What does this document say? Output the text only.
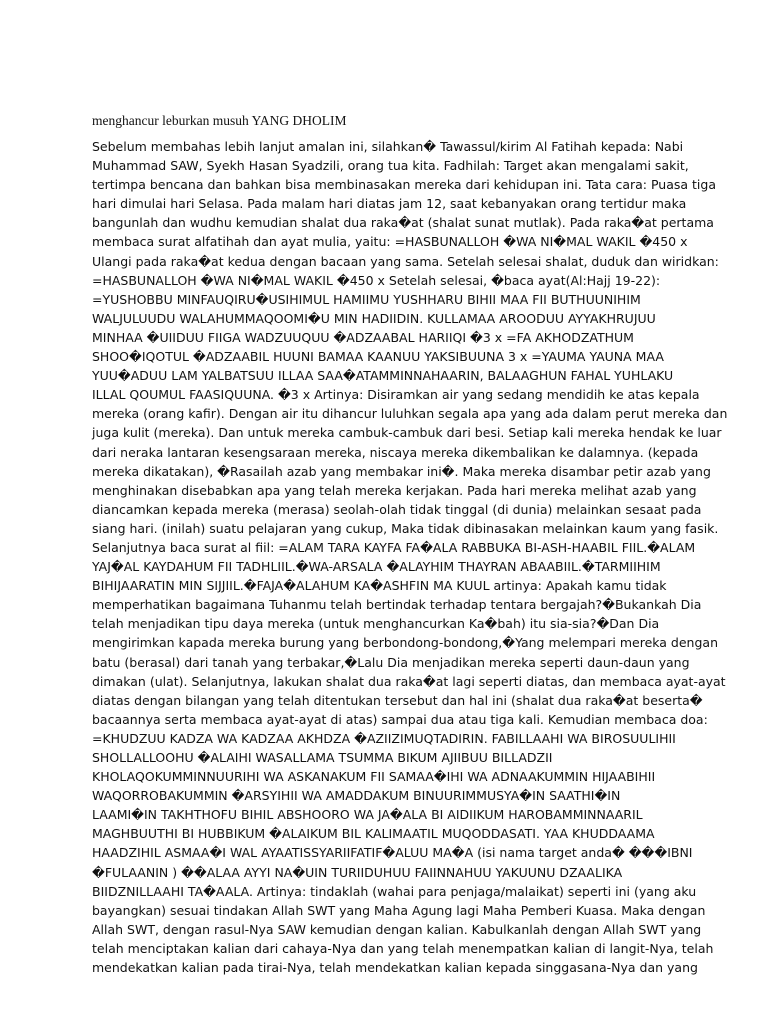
menghancur leburkan musuh YANG DHOLIM
Sebelum membahas lebih lanjut amalan ini, silahkan� Tawassul/kirim Al Fatihah kepada: Nabi
Muhammad SAW, Syekh Hasan Syadzili, orang tua kita. Fadhilah: Target akan mengalami sakit,
tertimpa bencana dan bahkan bisa membinasakan mereka dari kehidupan ini. Tata cara: Puasa tiga
hari dimulai hari Selasa. Pada malam hari diatas jam 12, saat kebanyakan orang tertidur maka
bangunlah dan wudhu kemudian shalat dua raka�at (shalat sunat mutlak). Pada raka�at pertama
membaca surat alfatihah dan ayat mulia, yaitu: =HASBUNALLOH �WA NI�MAL WAKIL �450 x
Ulangi pada raka�at kedua dengan bacaan yang sama. Setelah selesai shalat, duduk dan wiridkan:
=HASBUNALLOH �WA NI�MAL WAKIL �450 x Setelah selesai, �baca ayat(Al:Hajj 19-22):
=YUSHOBBU MINFAUQIRU�USIHIMUL HAMIIMU YUSHHARU BIHII MAA FII BUTHUUNIHIM
WALJULUUDU WALAHUMMAQOOMI�U MIN HADIIDIN. KULLAMAA AROODUU AYYAKHRUJUU
MINHAA �UIIDUU FIIGA WADZUUQUU �ADZAABAL HARIIQI �3 x =FA AKHODZATHUM
SHOO�IQOTUL �ADZAABIL HUUNI BAMAA KAANUU YAKSIBUUNA 3 x =YAUMA YAUNA MAA
YUU�ADUU LAM YALBATSUU ILLAA SAA�ATAMMINNAHAARIN, BALAAGHUN FAHAL YUHLAKU
ILLAL QOUMUL FAASIQUUNA. �3 x Artinya: Disiramkan air yang sedang mendidih ke atas kepala
mereka (orang kafir). Dengan air itu dihancur luluhkan segala apa yang ada dalam perut mereka dan
juga kulit (mereka). Dan untuk mereka cambuk-cambuk dari besi. Setiap kali mereka hendak ke luar
dari neraka lantaran kesengsaraan mereka, niscaya mereka dikembalikan ke dalamnya. (kepada
mereka dikatakan), �Rasailah azab yang membakar ini�. Maka mereka disambar petir azab yang
menghinakan disebabkan apa yang telah mereka kerjakan. Pada hari mereka melihat azab yang
diancamkan kepada mereka (merasa) seolah-olah tidak tinggal (di dunia) melainkan sesaat pada
siang hari. (inilah) suatu pelajaran yang cukup, Maka tidak dibinasakan melainkan kaum yang fasik.
Selanjutnya baca surat al fiil: =ALAM TARA KAYFA FA�ALA RABBUKA BI-ASH-HAABIL FIIL.�ALAM
YAJ�AL KAYDAHUM FII TADHLIIL.�WA-ARSALA �ALAYHIM THAYRAN ABAABIIL.�TARMIIHIM
BIHIJAARATIN MIN SIJJIIL.�FAJA�ALAHUM KA�ASHFIN MA KUUL artinya: Apakah kamu tidak
memperhatikan bagaimana Tuhanmu telah bertindak terhadap tentara bergajah?�Bukankah Dia
telah menjadikan tipu daya mereka (untuk menghancurkan Ka�bah) itu sia-sia?�Dan Dia
mengirimkan kapada mereka burung yang berbondong-bondong,�Yang melempari mereka dengan
batu (berasal) dari tanah yang terbakar,�Lalu Dia menjadikan mereka seperti daun-daun yang
dimakan (ulat). Selanjutnya, lakukan shalat dua raka�at lagi seperti diatas, dan membaca ayat-ayat
diatas dengan bilangan yang telah ditentukan tersebut dan hal ini (shalat dua raka�at beserta�
bacaannya serta membaca ayat-ayat di atas) sampai dua atau tiga kali. Kemudian membaca doa:
=KHUDZUU KADZA WA KADZAA AKHDZA �AZIIZIMUQTADIRIN. FABILLAAHI WA BIROSUULIHII
SHOLLALLOOHU �ALAIHI WASALLAMA TSUMMA BIKUM AJIIBUU BILLADZII
KHOLAQOKUMMINNUURIHI WA ASKANAKUM FII SAMAA�IHI WA ADNAAKUMMIN HIJAABIHII
WAQORROBAKUMMIN �ARSYIHII WA AMADDAKUM BINUURIMMUSYA�IN SAATHI�IN
LAAMI�IN TAKHTHOFU BIHIL ABSHOORO WA JA�ALA BI AIDIIKUM HAROBAMMINNAARIL
MAGHBUUTHI BI HUBBIKUM �ALAIKUM BIL KALIMAATIL MUQODDASATI. YAA KHUDDAAMA
HAADZIHIL ASMAA�I WAL AYAATISSYARIIFATIF�ALUU MA�A (isi nama target anda� ���IBNI
�FULAANIN ) ��ALAA AYYI NA�UIN TURIIDUHUU FAIINNAHUU YAKUUNU DZAALIKA
BIIDZNILLAAHI TA�AALA. Artinya: tindaklah (wahai para penjaga/malaikat) seperti ini (yang aku
bayangkan) sesuai tindakan Allah SWT yang Maha Agung lagi Maha Pemberi Kuasa. Maka dengan
Allah SWT, dengan rasul-Nya SAW kemudian dengan kalian. Kabulkanlah dengan Allah SWT yang
telah menciptakan kalian dari cahaya-Nya dan yang telah menempatkan kalian di langit-Nya, telah
mendekatkan kalian pada tirai-Nya, telah mendekatkan kalian kepada singgasana-Nya dan yang
